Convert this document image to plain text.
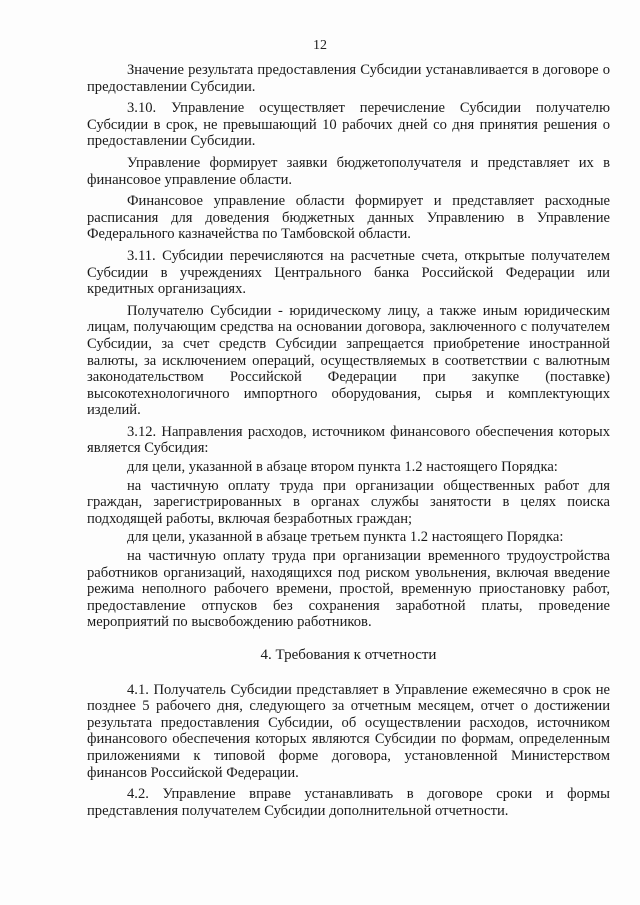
12

Значение результата предоставления Субсидии устанавливается в договоре о предоставлении Субсидии.

3.10. Управление осуществляет перечисление Субсидии получателю Субсидии в срок, не превышающий 10 рабочих дней со дня принятия решения о предоставлении Субсидии.

Управление формирует заявки бюджетополучателя и представляет их в финансовое управление области.

Финансовое управление области формирует и представляет расходные расписания для доведения бюджетных данных Управлению в Управление Федерального казначейства по Тамбовской области.

3.11. Субсидии перечисляются на расчетные счета, открытые получателем Субсидии в учреждениях Центрального банка Российской Федерации или кредитных организациях.

Получателю Субсидии - юридическому лицу, а также иным юридическим лицам, получающим средства на основании договора, заключенного с получателем Субсидии, за счет средств Субсидии запрещается приобретение иностранной валюты, за исключением операций, осуществляемых в соответствии с валютным законодательством Российской Федерации при закупке (поставке) высокотехнологичного импортного оборудования, сырья и комплектующих изделий.

3.12. Направления расходов, источником финансового обеспечения которых является Субсидия:

для цели, указанной в абзаце втором пункта 1.2 настоящего Порядка:

на частичную оплату труда при организации общественных работ для граждан, зарегистрированных в органах службы занятости в целях поиска подходящей работы, включая безработных граждан;

для цели, указанной в абзаце третьем пункта 1.2 настоящего Порядка:

на частичную оплату труда при организации временного трудоустройства работников организаций, находящихся под риском увольнения, включая введение режима неполного рабочего времени, простой, временную приостановку работ, предоставление отпусков без сохранения заработной платы, проведение мероприятий по высвобождению работников.

4. Требования к отчетности

4.1. Получатель Субсидии представляет в Управление ежемесячно в срок не позднее 5 рабочего дня, следующего за отчетным месяцем, отчет о достижении результата предоставления Субсидии, об осуществлении расходов, источником финансового обеспечения которых являются Субсидии по формам, определенным приложениями к типовой форме договора, установленной Министерством финансов Российской Федерации.

4.2. Управление вправе устанавливать в договоре сроки и формы представления получателем Субсидии дополнительной отчетности.
